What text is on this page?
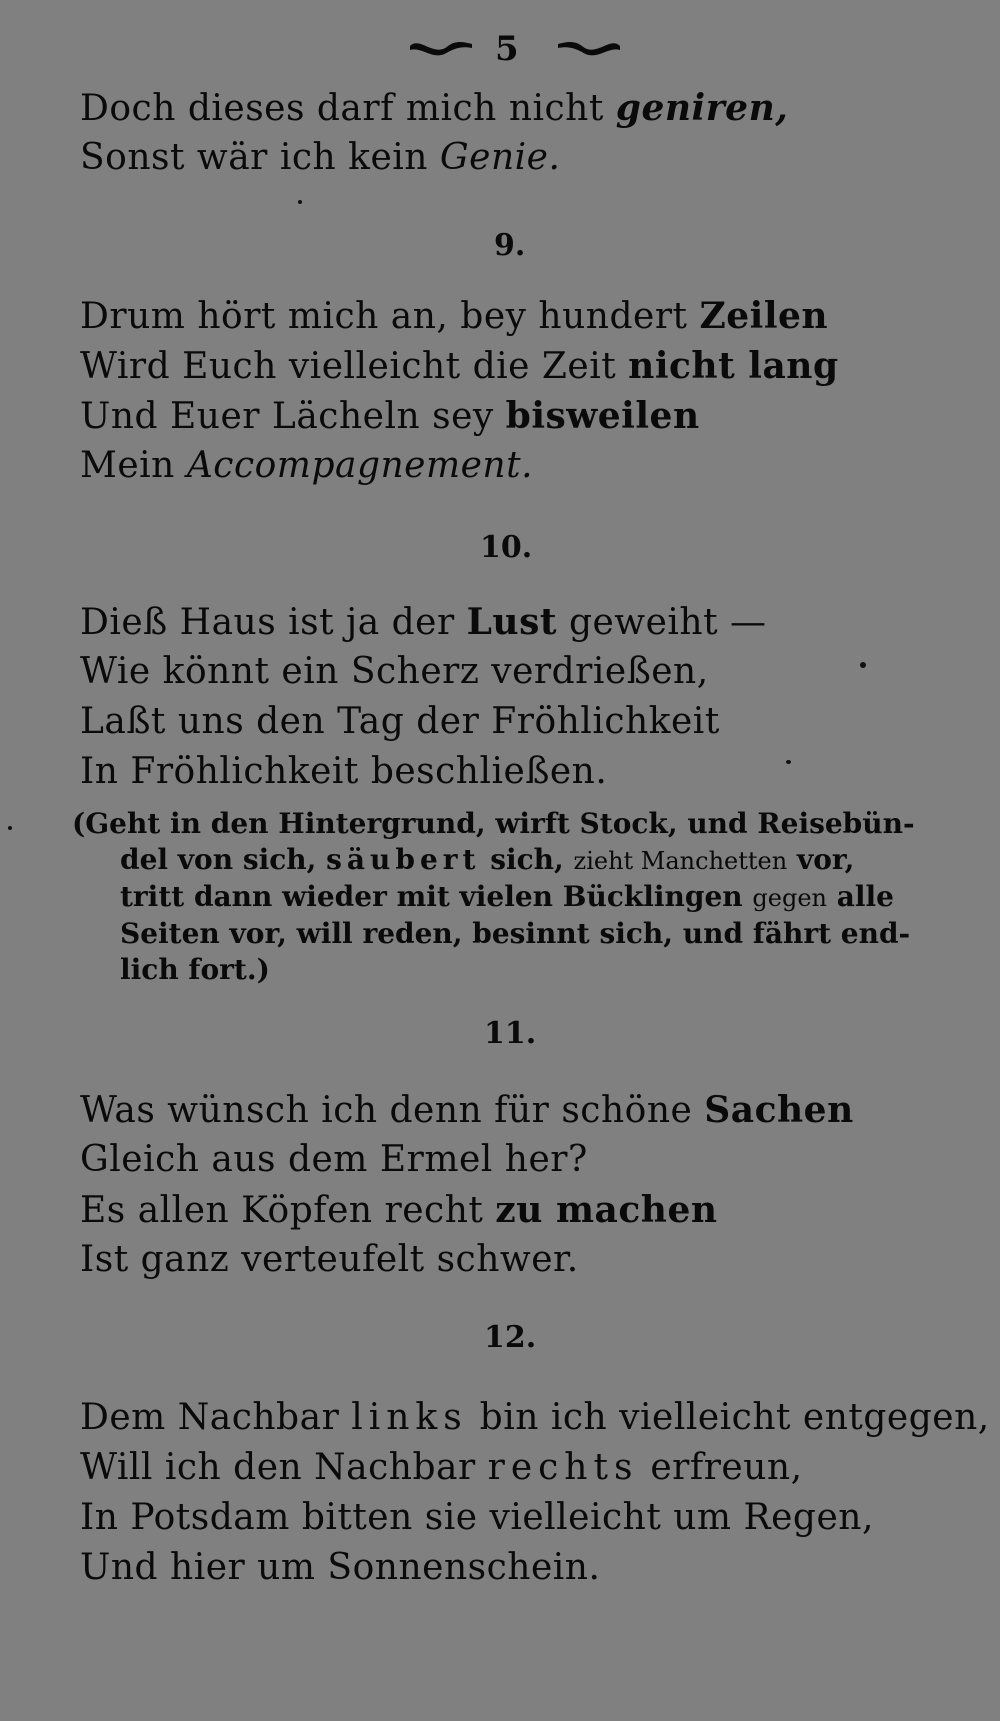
5
Doch dieses darf mich nicht geniren,
Sonst wär ich kein Genie.
9.
Drum hört mich an, bey hundert Zeilen
Wird Euch vielleicht die Zeit nicht lang
Und Euer Lächeln sey bisweilen
Mein Accompagnement.
10.
Dieß Haus ist ja der Lust geweiht —
Wie könnt ein Scherz verdrießen,
Laßt uns den Tag der Fröhlichkeit
In Fröhlichkeit beschließen.
(Geht in den Hintergrund, wirft Stock, und Reisebün-
del von sich, säubert sich, zieht Manchetten vor,
tritt dann wieder mit vielen Bücklingen gegen alle
Seiten vor, will reden, besinnt sich, und fährt end-
lich fort.)
11.
Was wünsch ich denn für schöne Sachen
Gleich aus dem Ermel her?
Es allen Köpfen recht zu machen
Ist ganz verteufelt schwer.
12.
Dem Nachbar links bin ich vielleicht entgegen,
Will ich den Nachbar rechts erfreun,
In Potsdam bitten sie vielleicht um Regen,
Und hier um Sonnenschein.
